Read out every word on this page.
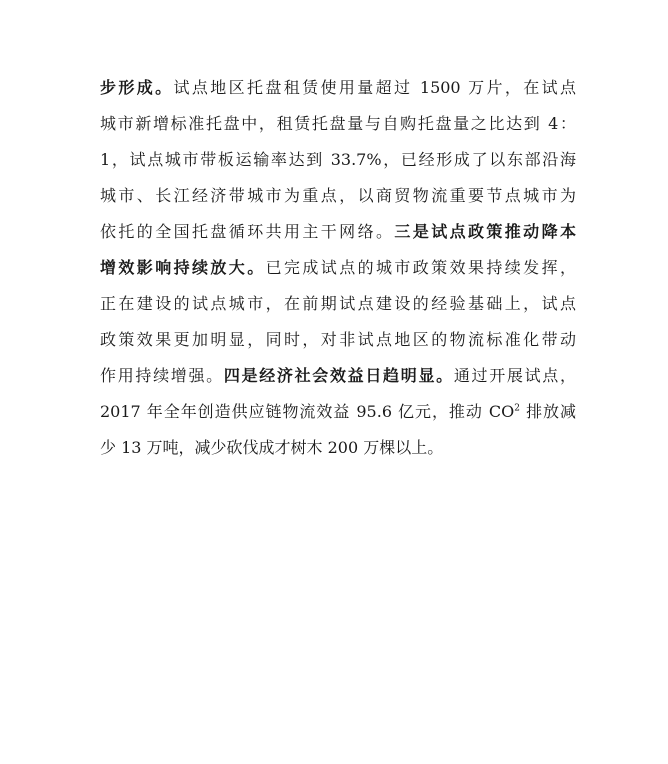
步形成。试点地区托盘租赁使用量超过 1500 万片，在试点
城市新增标准托盘中，租赁托盘量与自购托盘量之比达到 4：
1，试点城市带板运输率达到 33.7%，已经形成了以东部沿海
城市、长江经济带城市为重点，以商贸物流重要节点城市为
依托的全国托盘循环共用主干网络。三是试点政策推动降本
增效影响持续放大。已完成试点的城市政策效果持续发挥，
正在建设的试点城市，在前期试点建设的经验基础上，试点
政策效果更加明显，同时，对非试点地区的物流标准化带动
作用持续增强。四是经济社会效益日趋明显。通过开展试点，
2017 年全年创造供应链物流效益 95.6 亿元，推动 $CO^2$ 排放减
少 13 万吨，减少砍伐成才树木 200 万棵以上。
